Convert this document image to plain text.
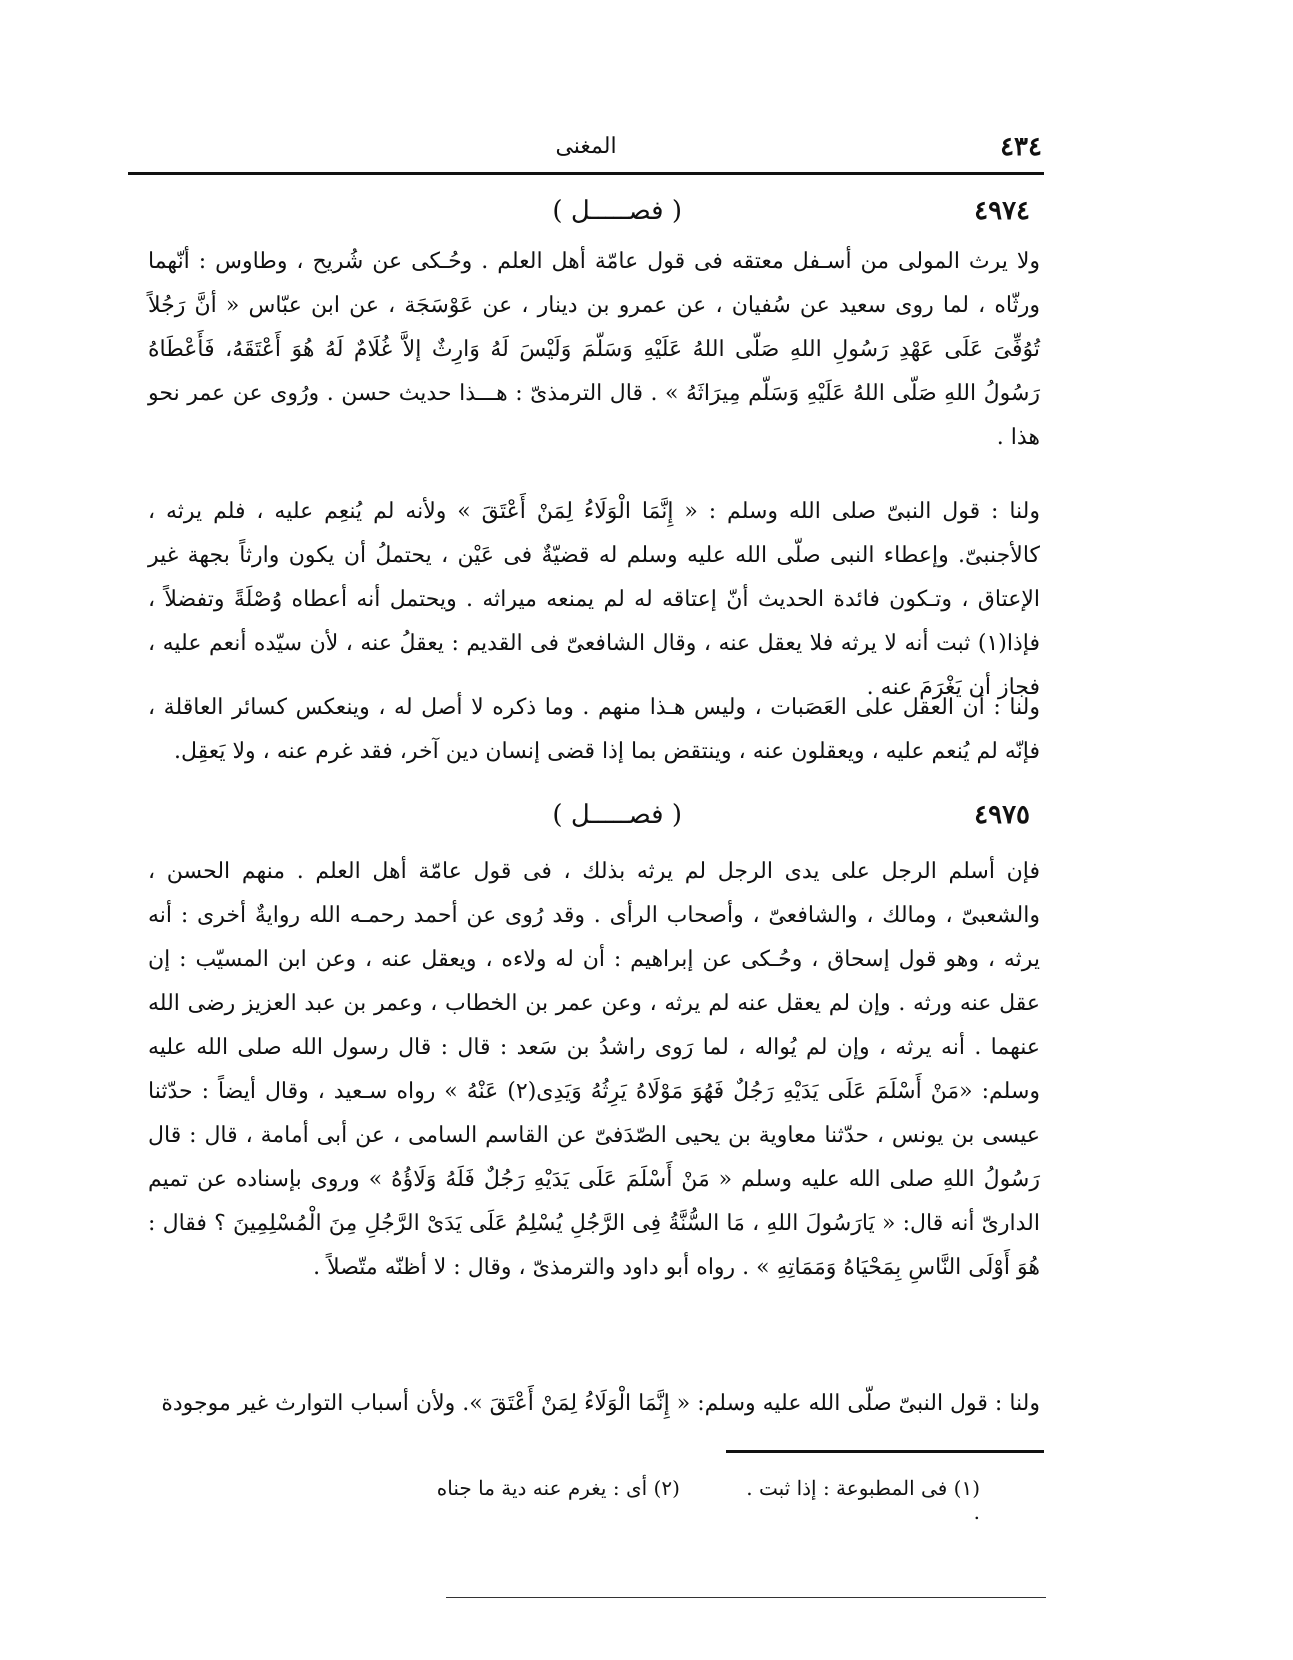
٤٣٤
المغنى
٤٩٧٤
( فصـــــل )

ولا يرث المولى من أسـفل معتقه فى قول عامّة أهل العلم . وحُـكى عن شُريح ، وطاوس : أنّهما ورثّاه ، لما روى سعيد عن سُفيان ، عن عمرو بن دينار ، عن عَوْسَجَة ، عن ابن عبّاس « أنَّ رَجُلاً تُوُفِّىَ عَلَى عَهْدِ رَسُولِ اللهِ صَلّى اللهُ عَلَيْهِ وَسَلّمَ وَلَيْسَ لَهُ وَارِثٌ إلاَّ غُلَامٌ لَهُ هُوَ أَعْتَقَهُ، فَأَعْطَاهُ رَسُولُ اللهِ صَلّى اللهُ عَلَيْهِ وَسَلّم مِيرَاثَهُ » . قال الترمذىّ : هـــذا حديث حسن . ورُوى عن عمر نحو هذا .

ولنا : قول النبىّ صلى الله وسلم : « إِنَّمَا الْوَلَاءُ لِمَنْ أَعْتَقَ » ولأنه لم يُنعِم عليه ، فلم يرثه ، كالأجنبىّ. وإعطاء النبى صلّى الله عليه وسلم له قضيّةٌ فى عَيْن ، يحتملُ أن يكون وارثاً بجهة غير الإعتاق ، وتـكون فائدة الحديث أنّ إعتاقه له لم يمنعه ميراثه . ويحتمل أنه أعطاه وُصْلَةً وتفضلاً ، فإذا(١) ثبت أنه لا يرثه فلا يعقل عنه ، وقال الشافعىّ فى القديم : يعقلُ عنه ، لأن سيّده أنعم عليه ، فجاز أن يَغْرَمَ عنه .

ولنا : أن العقل على العَصَبات ، وليس هـذا منهم . وما ذكره لا أصل له ، وينعكس كسائر العاقلة ، فإنّه لم يُنعم عليه ، ويعقلون عنه ، وينتقض بما إذا قضى إنسان دين آخر، فقد غرم عنه ، ولا يَعقِل.

٤٩٧٥
( فصـــــل )

فإن أسلم الرجل على يدى الرجل لم يرثه بذلك ، فى قول عامّة أهل العلم . منهم الحسن ، والشعبىّ ، ومالك ، والشافعىّ ، وأصحاب الرأى . وقد رُوى عن أحمد رحمـه الله روايةٌ أخرى : أنه يرثه ، وهو قول إسحاق ، وحُـكى عن إبراهيم : أن له ولاءه ، ويعقل عنه ، وعن ابن المسيّب : إن عقل عنه ورثه . وإن لم يعقل عنه لم يرثه ، وعن عمر بن الخطاب ، وعمر بن عبد العزيز رضى الله عنهما . أنه يرثه ، وإن لم يُواله ، لما رَوى راشدُ بن سَعد : قال : قال رسول الله صلى الله عليه وسلم: «مَنْ أَسْلَمَ عَلَى يَدَيْهِ رَجُلٌ فَهُوَ مَوْلَاهُ يَرِثُهُ وَيَدِى(٢) عَنْهُ » رواه سـعيد ، وقال أيضاً : حدّثنا عيسى بن يونس ، حدّثنا معاوية بن يحيى الصّدَفىّ عن القاسم السامى ، عن أبى أمامة ، قال : قال رَسُولُ اللهِ صلى الله عليه وسلم « مَنْ أَسْلَمَ عَلَى يَدَيْهِ رَجُلٌ فَلَهُ وَلَاؤُهُ » وروى بإسناده عن تميم الدارىّ أنه قال: « يَارَسُولَ اللهِ ، مَا السُّنَّةُ فِى الرَّجُلِ يُسْلِمُ عَلَى يَدَىْ الرَّجُلِ مِنَ الْمُسْلِمِينَ ؟ فقال : هُوَ أَوْلَى النَّاسِ بِمَحْيَاهُ وَمَمَاتِهِ » . رواه أبو داود والترمذىّ ، وقال : لا أظنّه متّصلاً .

ولنا : قول النبىّ صلّى الله عليه وسلم: « إِنَّمَا الْوَلَاءُ لِمَنْ أَعْتَقَ ». ولأن أسباب التوارث غير موجودة

(١) فى المطبوعة : إذا ثبت . (٢) أى : يغرم عنه دية ما جناه .
